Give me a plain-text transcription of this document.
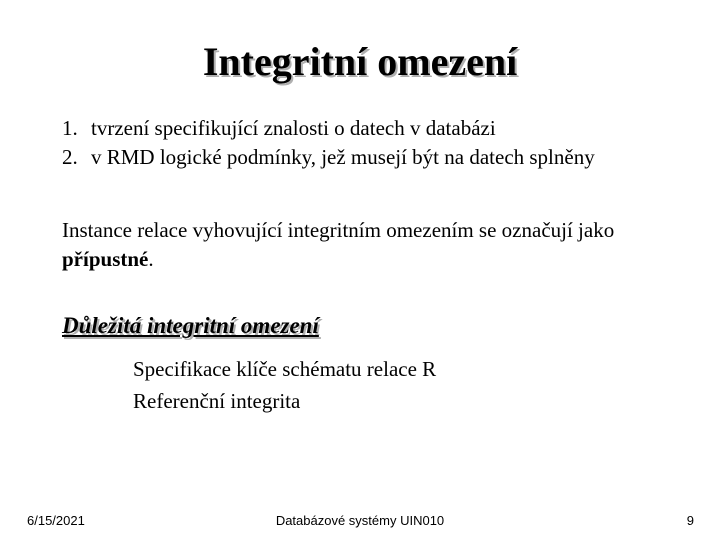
Integritní omezení
1. tvrzení specifikující znalosti o datech v databázi
2. v RMD logické podmínky, jež musejí být na datech splněny
Instance relace vyhovující integritním omezením se označují jako přípustné.
Důležitá integritní omezení
Specifikace klíče schématu relace R
Referenční integrita
6/15/2021	Databázové systémy UIN010	9
